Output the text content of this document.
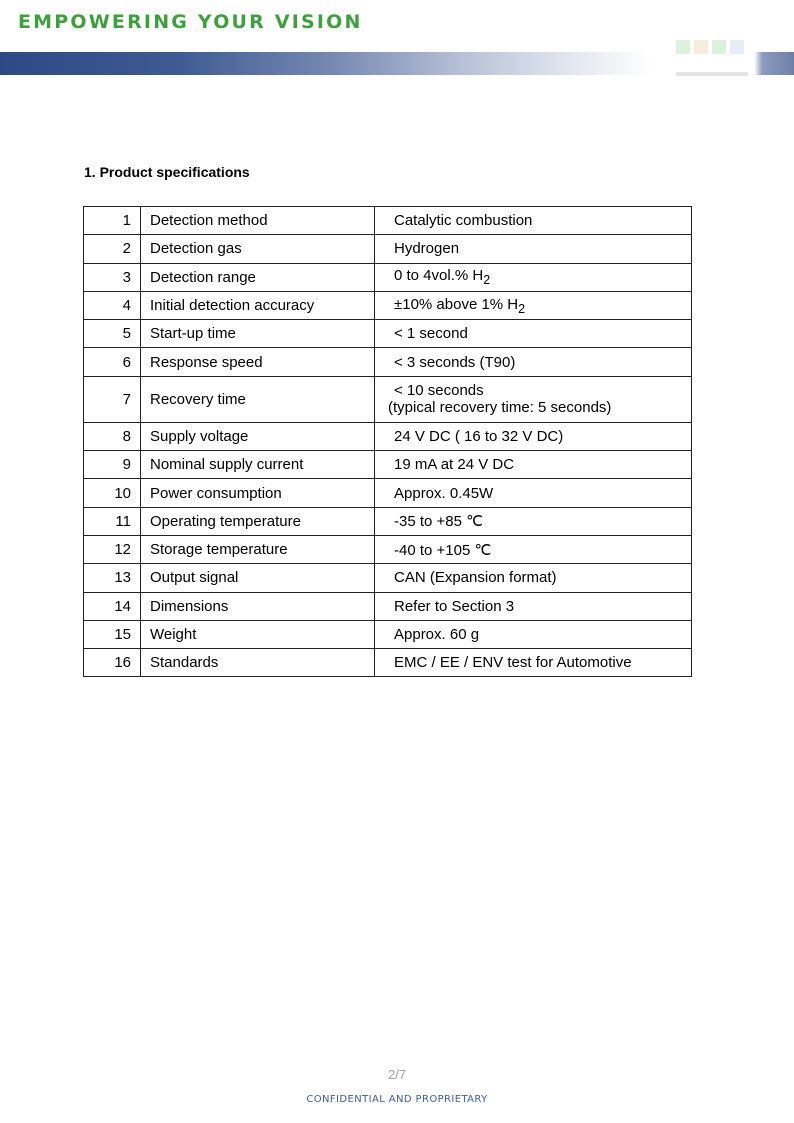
EMPOWERING YOUR VISION
1. Product specifications
1	Detection method	Catalytic combustion
2	Detection gas	Hydrogen
3	Detection range	0 to 4vol.% $H_2$
4	Initial detection accuracy	±10% above 1% $H_2$
5	Start-up time	< 1 second
6	Response speed	< 3 seconds (T90)
7	Recovery time	< 10 seconds
(typical recovery time: 5 seconds)

8	Supply voltage	24 V DC ( 16 to 32 V DC)
9	Nominal supply current	19 mA at 24 V DC
10	Power consumption	Approx. 0.45W
11	Operating temperature	-35 to +85 ℃
12	Storage temperature	-40 to +105 ℃
13	Output signal	CAN (Expansion format)
14	Dimensions	Refer to Section 3
15	Weight	Approx. 60 g
16	Standards	EMC / EE / ENV test for Automotive
2/7
CONFIDENTIAL AND PROPRIETARY
